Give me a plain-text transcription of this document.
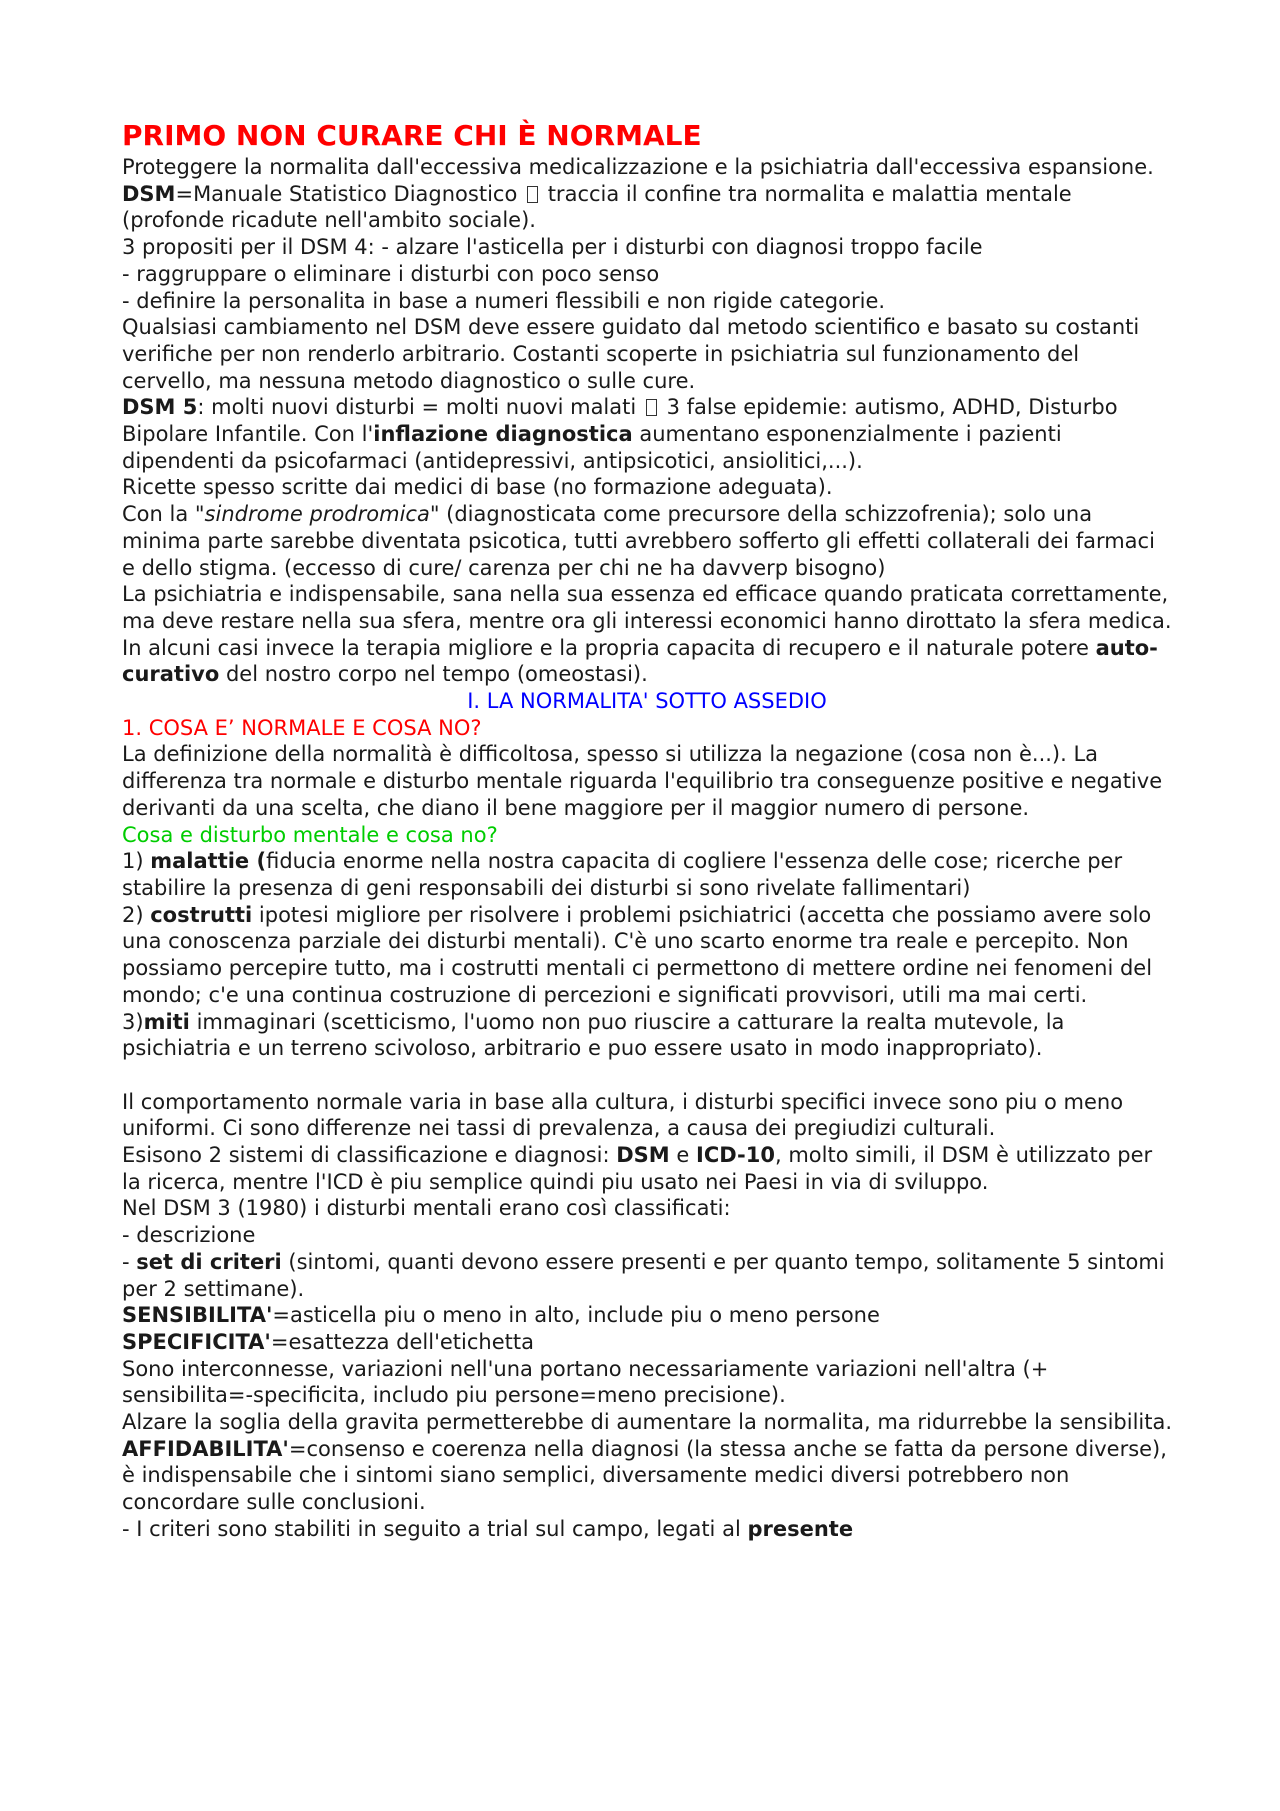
PRIMO NON CURARE CHI È NORMALE

Proteggere la normalita dall'eccessiva medicalizzazione e la psichiatria dall'eccessiva espansione.

DSM=Manuale Statistico Diagnostico traccia il confine tra normalita e malattia mentale (profonde ricadute nell'ambito sociale).

3 propositi per il DSM 4: - alzare l'asticella per i disturbi con diagnosi troppo facile

- raggruppare o eliminare i disturbi con poco senso

- definire la personalita in base a numeri flessibili e non rigide categorie.

Qualsiasi cambiamento nel DSM deve essere guidato dal metodo scientifico e basato su costanti verifiche per non renderlo arbitrario. Costanti scoperte in psichiatria sul funzionamento del cervello, ma nessuna metodo diagnostico o sulle cure.

DSM 5: molti nuovi disturbi = molti nuovi malati 3 false epidemie: autismo, ADHD, Disturbo Bipolare Infantile. Con l'inflazione diagnostica aumentano esponenzialmente i pazienti dipendenti da psicofarmaci (antidepressivi, antipsicotici, ansiolitici,...).

Ricette spesso scritte dai medici di base (no formazione adeguata).

Con la "sindrome prodromica" (diagnosticata come precursore della schizzofrenia); solo una minima parte sarebbe diventata psicotica, tutti avrebbero sofferto gli effetti collaterali dei farmaci e dello stigma. (eccesso di cure/ carenza per chi ne ha davverp bisogno)

La psichiatria e indispensabile, sana nella sua essenza ed efficace quando praticata correttamente, ma deve restare nella sua sfera, mentre ora gli interessi economici hanno dirottato la sfera medica. In alcuni casi invece la terapia migliore e la propria capacita di recupero e il naturale potere auto-curativo del nostro corpo nel tempo (omeostasi).

I. LA NORMALITA' SOTTO ASSEDIO
1. COSA E’ NORMALE E COSA NO?

La definizione della normalità è difficoltosa, spesso si utilizza la negazione (cosa non è...). La differenza tra normale e disturbo mentale riguarda l'equilibrio tra conseguenze positive e negative derivanti da una scelta, che diano il bene maggiore per il maggior numero di persone.

Cosa e disturbo mentale e cosa no?

1) malattie (fiducia enorme nella nostra capacita di cogliere l'essenza delle cose; ricerche per stabilire la presenza di geni responsabili dei disturbi si sono rivelate fallimentari)

2) costrutti ipotesi migliore per risolvere i problemi psichiatrici (accetta che possiamo avere solo una conoscenza parziale dei disturbi mentali). C'è uno scarto enorme tra reale e percepito. Non possiamo percepire tutto, ma i costrutti mentali ci permettono di mettere ordine nei fenomeni del mondo; c'e una continua costruzione di percezioni e significati provvisori, utili ma mai certi.

3)miti immaginari (scetticismo, l'uomo non puo riuscire a catturare la realta mutevole, la psichiatria e un terreno scivoloso, arbitrario e puo essere usato in modo inappropriato).

Il comportamento normale varia in base alla cultura, i disturbi specifici invece sono piu o meno uniformi. Ci sono differenze nei tassi di prevalenza, a causa dei pregiudizi culturali.

Esisono 2 sistemi di classificazione e diagnosi: DSM e ICD-10, molto simili, il DSM è utilizzato per la ricerca, mentre l'ICD è piu semplice quindi piu usato nei Paesi in via di sviluppo.

Nel DSM 3 (1980) i disturbi mentali erano così classificati:

- descrizione

- set di criteri (sintomi, quanti devono essere presenti e per quanto tempo, solitamente 5 sintomi per 2 settimane).

SENSIBILITA'=asticella piu o meno in alto, include piu o meno persone

SPECIFICITA'=esattezza dell'etichetta

Sono interconnesse, variazioni nell'una portano necessariamente variazioni nell'altra (+ sensibilita=-specificita, includo piu persone=meno precisione).

Alzare la soglia della gravita permetterebbe di aumentare la normalita, ma ridurrebbe la sensibilita.

AFFIDABILITA'=consenso e coerenza nella diagnosi (la stessa anche se fatta da persone diverse), è indispensabile che i sintomi siano semplici, diversamente medici diversi potrebbero non concordare sulle conclusioni.

- I criteri sono stabiliti in seguito a trial sul campo, legati al presente
